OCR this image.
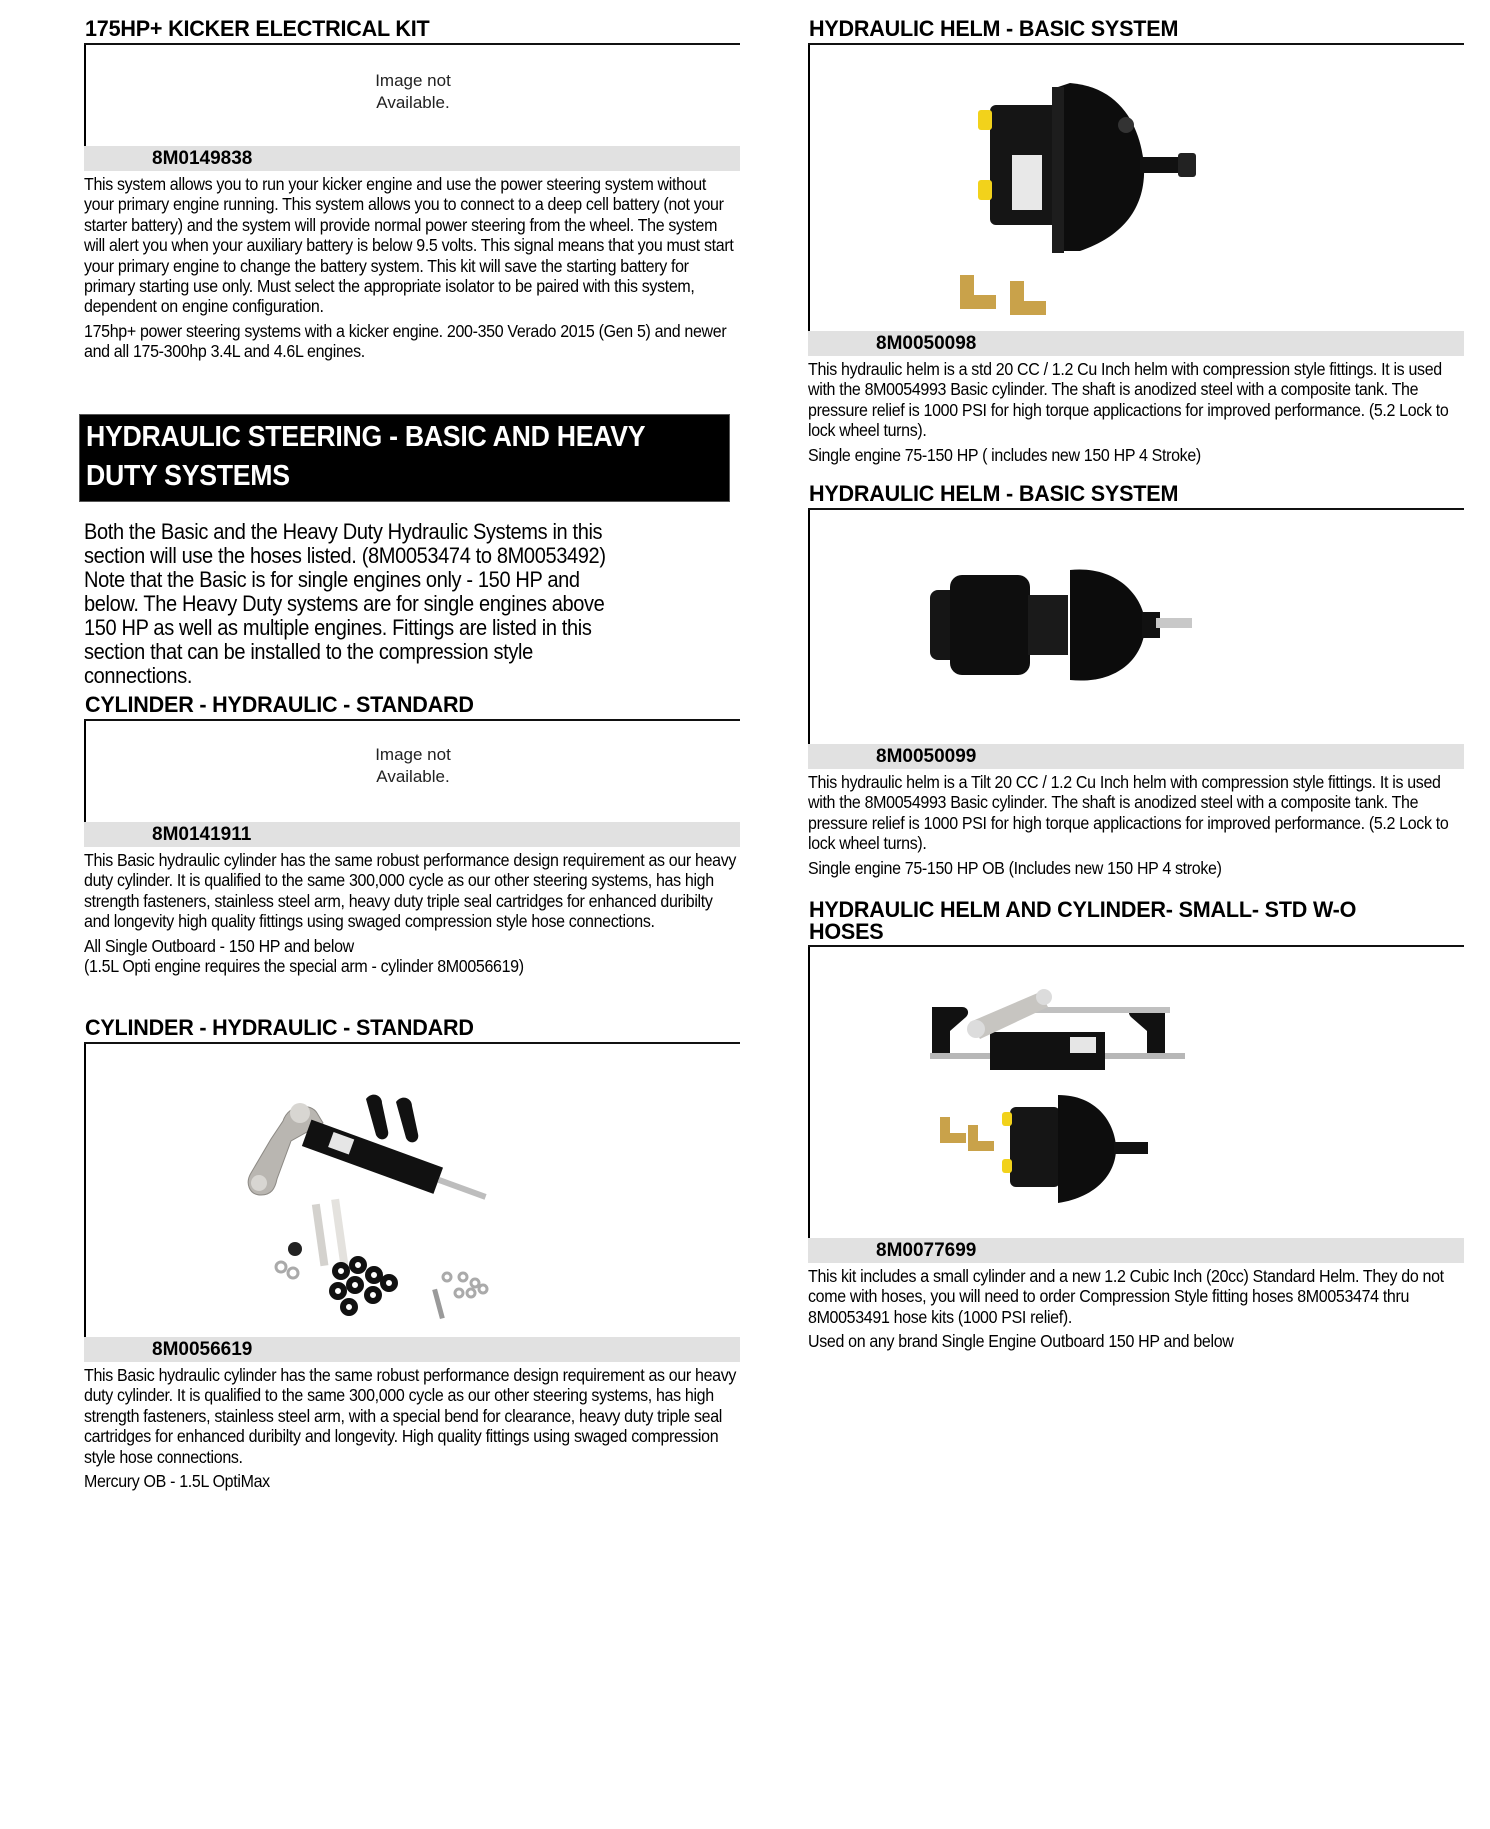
175HP+ KICKER ELECTRICAL KIT
Image not
Available.
8M0149838
This system allows you to run your kicker engine and use the power steering system without your primary engine running. This system allows you to connect to a deep cell battery (not your starter battery) and the system will provide normal power steering from the wheel. The system will alert you when your auxiliary battery is below 9.5 volts. This signal means that you must start your primary engine to change the battery system. This kit will save the starting battery for primary starting use only. Must select the appropriate isolator to be paired with this system, dependent on engine configuration.
175hp+ power steering systems with a kicker engine. 200-350 Verado 2015 (Gen 5) and newer and all 175-300hp 3.4L and 4.6L engines.
HYDRAULIC STEERING - BASIC AND HEAVY DUTY SYSTEMS
Both the Basic and the Heavy Duty Hydraulic Systems in this section will use the hoses listed. (8M0053474 to 8M0053492) Note that the Basic is for single engines only - 150 HP and below. The Heavy Duty systems are for single engines above 150 HP as well as multiple engines. Fittings are listed in this section that can be installed to the compression style connections.
CYLINDER - HYDRAULIC - STANDARD
Image not
Available.
8M0141911
This Basic hydraulic cylinder has the same robust performance design requirement as our heavy duty cylinder. It is qualified to the same 300,000 cycle as our other steering systems, has high strength fasteners, stainless steel arm, heavy duty triple seal cartridges for enhanced duribilty and longevity high quality fittings using swaged compression style hose connections.
All Single Outboard - 150 HP and below
(1.5L Opti engine requires the special arm - cylinder 8M0056619)
CYLINDER - HYDRAULIC - STANDARD
8M0056619
This Basic hydraulic cylinder has the same robust performance design requirement as our heavy duty cylinder. It is qualified to the same 300,000 cycle as our other steering systems, has high strength fasteners, stainless steel arm, with a special bend for clearance, heavy duty triple seal cartridges for enhanced duribilty and longevity. High quality fittings using swaged compression style hose connections.
Mercury OB - 1.5L OptiMax
HYDRAULIC HELM - BASIC SYSTEM
8M0050098
This hydraulic helm is a std 20 CC / 1.2 Cu Inch helm with compression style fittings. It is used with the 8M0054993 Basic cylinder. The shaft is anodized steel with a composite tank. The pressure relief is 1000 PSI for high torque applicactions for improved performance. (5.2 Lock to lock wheel turns).
Single engine 75-150 HP ( includes new 150 HP 4 Stroke)
HYDRAULIC HELM - BASIC SYSTEM
8M0050099
This hydraulic helm is a Tilt 20 CC / 1.2 Cu Inch helm with compression style fittings. It is used with the 8M0054993 Basic cylinder. The shaft is anodized steel with a composite tank. The pressure relief is 1000 PSI for high torque applicactions for improved performance. (5.2 Lock to lock wheel turns).
Single engine 75-150 HP OB (Includes new 150 HP 4 stroke)
HYDRAULIC HELM AND CYLINDER- SMALL- STD W-O
HOSES
8M0077699
This kit includes a small cylinder and a new 1.2 Cubic Inch (20cc) Standard Helm. They do not come with hoses, you will need to order Compression Style fitting hoses 8M0053474 thru 8M0053491 hose kits (1000 PSI relief).
Used on any brand Single Engine Outboard 150 HP and below
